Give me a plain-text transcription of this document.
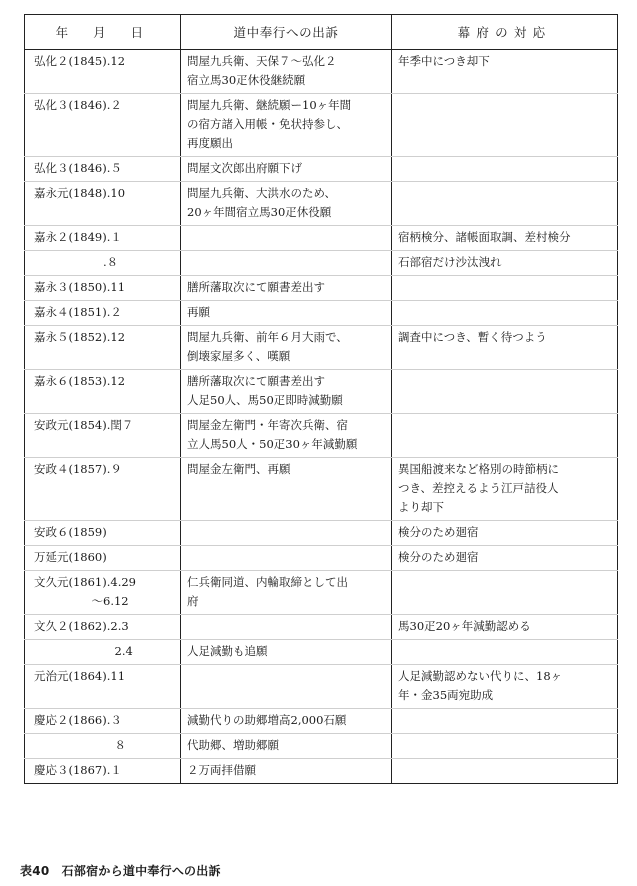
年　月　日	道中奉行への出訴	幕府の対応

弘化２(1845).12	問屋九兵衛、天保７～弘化２
宿立馬30疋休役継続願	年季中につき却下

弘化３(1846).２	問屋九兵衛、継続願ー10ヶ年間
の宿方諸入用帳・免状持参し、
再度願出	

弘化３(1846).５	問屋文次郎出府願下げ	

嘉永元(1848).10	問屋九兵衛、大洪水のため、
20ヶ年間宿立馬30疋休役願	

嘉永２(1849).１		宿柄検分、諸帳面取調、差村検分

　　　　　　.８		石部宿だけ沙汰洩れ

嘉永３(1850).11	膳所藩取次にて願書差出す	

嘉永４(1851).２	再願	

嘉永５(1852).12	問屋九兵衛、前年６月大雨で、
倒壊家屋多く、嘆願	調査中につき、暫く待つよう

嘉永６(1853).12	膳所藩取次にて願書差出す
人足50人、馬50疋即時減勤願	

安政元(1854).閏７	問屋金左衛門・年寄次兵衛、宿
立人馬50人・50疋30ヶ年減勤願	

安政４(1857).９	問屋金左衛門、再願	異国船渡来など格別の時節柄に
つき、差控えるよう江戸詰役人
より却下

安政６(1859)		検分のため廻宿

万延元(1860)		検分のため廻宿

文久元(1861).4.29
　　　　　～6.12	仁兵衛同道、内輪取締として出
府	

文久２(1862).2.3		馬30疋20ヶ年減勤認める

　　　　　　　2.4	人足減勤も追願	

元治元(1864).11		人足減勤認めない代りに、18ヶ
年・金35両宛助成

慶応２(1866).３	減勤代りの助郷増高2,000石願	

　　　　　　　８	代助郷、増助郷願	

慶応３(1867).１	２万両拝借願	

表40　石部宿から道中奉行への出訴
